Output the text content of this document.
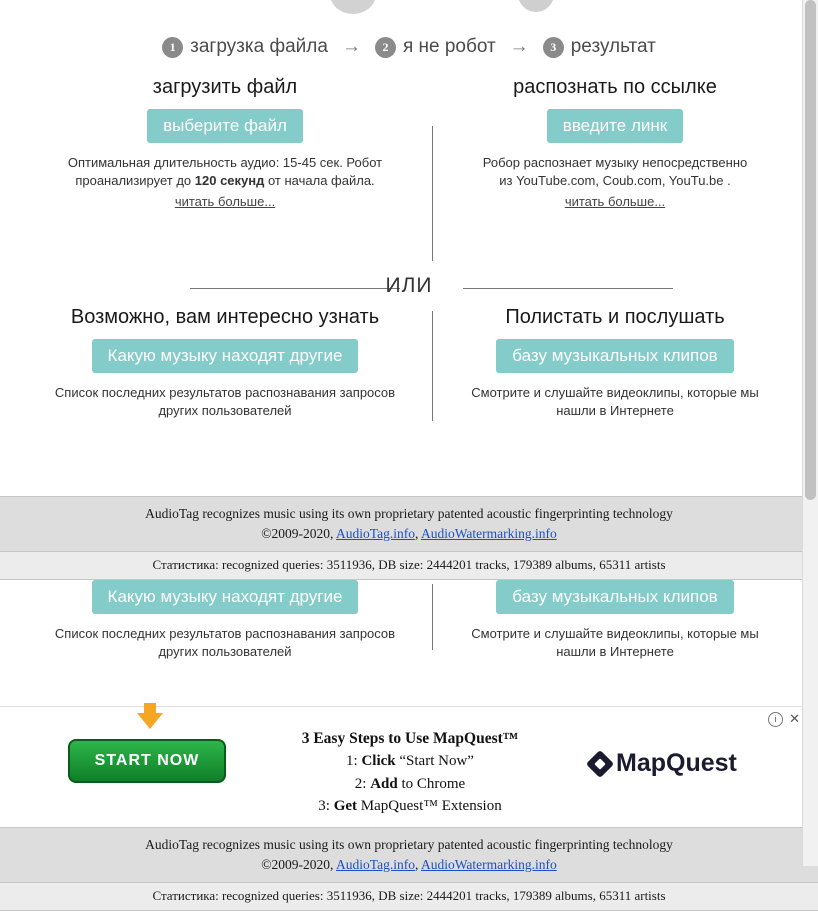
1 загрузка файла →	2 я не робот →	3 результат
ИЛИ
загрузить файл
выберите файл
Оптимальная длительность аудио: 15-45 сек. Робот
проанализирует до 120 секунд от начала файла.
читать больше...
распознать по ссылке
введите линк
Робор распознает музыку непосредственно
из YouTube.com, Coub.com, YouTu.be .
читать больше...
Возможно, вам интересно узнать
Какую музыку находят другие
Список последних результатов распознавания запросов
других пользователей
Полистать и послушать
базу музыкальных клипов
Смотрите и слушайте видеоклипы, которые мы
нашли в Интернете
AudioTag recognizes music using its own proprietary patented acoustic fingerprinting technology
©2009-2020, AudioTag.info, AudioWatermarking.info
Статистика: recognized queries: 3511936, DB size: 2444201 tracks, 179389 albums, 65311 artists
Какую музыку находят другие
Список последних результатов распознавания запросов
других пользователей
базу музыкальных клипов
Смотрите и слушайте видеоклипы, которые мы
нашли в Интернете
START NOW
3 Easy Steps to Use MapQuest™
1: Click “Start Now”
2: Add to Chrome
3: Get MapQuest™ Extension
MapQuest
i ✕
AudioTag recognizes music using its own proprietary patented acoustic fingerprinting technology
©2009-2020, AudioTag.info, AudioWatermarking.info
Статистика: recognized queries: 3511936, DB size: 2444201 tracks, 179389 albums, 65311 artists
